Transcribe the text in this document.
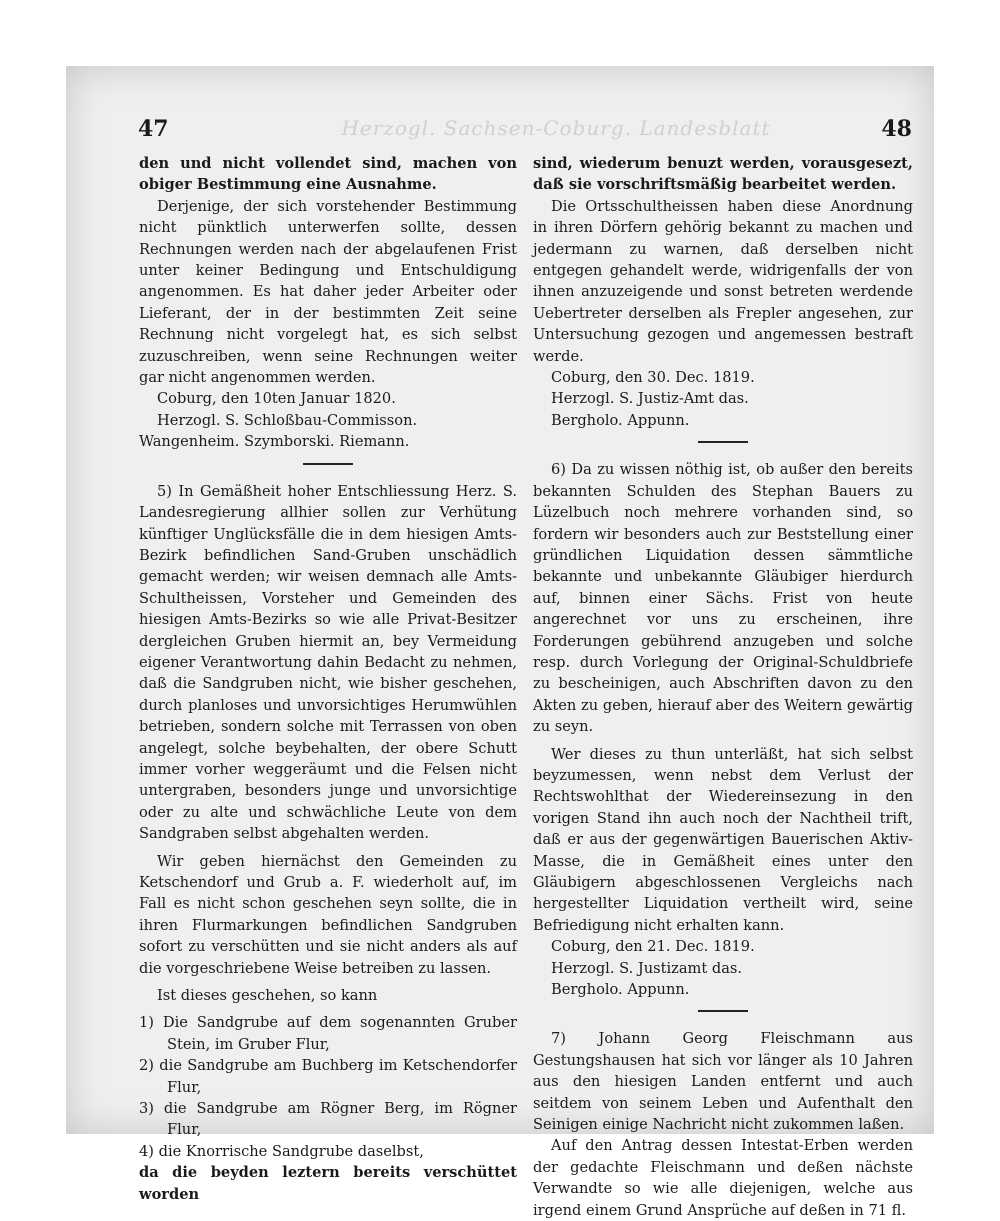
47	Herzogl. Sachsen-Coburg. Landesblatt	48

den und nicht vollendet sind, machen von obiger Bestimmung eine Ausnahme.

Derjenige, der sich vorstehender Bestimmung nicht pünktlich unterwerfen sollte, dessen Rechnungen werden nach der abgelaufenen Frist unter keiner Bedingung und Entschuldigung angenommen. Es hat daher jeder Arbeiter oder Lieferant, der in der bestimmten Zeit seine Rechnung nicht vorgelegt hat, es sich selbst zuzuschreiben, wenn seine Rechnungen weiter gar nicht angenommen werden.

Coburg, den 10ten Januar 1820.

Herzogl. S. Schloßbau-Commisson.

Wangenheim. Szymborski. Riemann.

5) In Gemäßheit hoher Entschliessung Herz. S. Landesregierung allhier sollen zur Verhütung künftiger Unglücksfälle die in dem hiesigen Amts-Bezirk befindlichen Sand-Gruben unschädlich gemacht werden; wir weisen demnach alle Amts-Schultheissen, Vorsteher und Gemeinden des hiesigen Amts-Bezirks so wie alle Privat-Besitzer dergleichen Gruben hiermit an, bey Vermeidung eigener Verantwortung dahin Bedacht zu nehmen, daß die Sandgruben nicht, wie bisher geschehen, durch planloses und unvorsichtiges Herumwühlen betrieben, sondern solche mit Terrassen von oben angelegt, solche beybehalten, der obere Schutt immer vorher weggeräumt und die Felsen nicht untergraben, besonders junge und unvorsichtige oder zu alte und schwächliche Leute von dem Sandgraben selbst abgehalten werden.

Wir geben hiernächst den Gemeinden zu Ketschendorf und Grub a. F. wiederholt auf, im Fall es nicht schon geschehen seyn sollte, die in ihren Flurmarkungen befindlichen Sandgruben sofort zu verschütten und sie nicht anders als auf die vorgeschriebene Weise betreiben zu lassen.

Ist dieses geschehen, so kann

1) Die Sandgrube auf dem sogenannten Gruber Stein, im Gruber Flur,

2) die Sandgrube am Buchberg im Ketschendorfer Flur,

3) die Sandgrube am Rögner Berg, im Rögner Flur,

4) die Knorrische Sandgrube daselbst,

da die beyden leztern bereits verschüttet worden

sind, wiederum benuzt werden, vorausgesezt, daß sie vorschriftsmäßig bearbeitet werden.

Die Ortsschultheissen haben diese Anordnung in ihren Dörfern gehörig bekannt zu machen und jedermann zu warnen, daß derselben nicht entgegen gehandelt werde, widrigenfalls der von ihnen anzuzeigende und sonst betreten werdende Uebertreter derselben als Frepler angesehen, zur Untersuchung gezogen und angemessen bestraft werde.

Coburg, den 30. Dec. 1819.

Herzogl. S. Justiz-Amt das.

Bergholo. Appunn.

6) Da zu wissen nöthig ist, ob außer den bereits bekannten Schulden des Stephan Bauers zu Lüzelbuch noch mehrere vorhanden sind, so fordern wir besonders auch zur Beststellung einer gründlichen Liquidation dessen sämmtliche bekannte und unbekannte Gläubiger hierdurch auf, binnen einer Sächs. Frist von heute angerechnet vor uns zu erscheinen, ihre Forderungen gebührend anzugeben und solche resp. durch Vorlegung der Original-Schuldbriefe zu bescheinigen, auch Abschriften davon zu den Akten zu geben, hierauf aber des Weitern gewärtig zu seyn.

Wer dieses zu thun unterläßt, hat sich selbst beyzumessen, wenn nebst dem Verlust der Rechtswohlthat der Wiedereinsezung in den vorigen Stand ihn auch noch der Nachtheil trift, daß er aus der gegenwärtigen Bauerischen Aktiv-Masse, die in Gemäßheit eines unter den Gläubigern abgeschlossenen Vergleichs nach hergestellter Liquidation vertheilt wird, seine Befriedigung nicht erhalten kann.

Coburg, den 21. Dec. 1819.

Herzogl. S. Justizamt das.

Bergholo. Appunn.

7) Johann Georg Fleischmann aus Gestungshausen hat sich vor länger als 10 Jahren aus den hiesigen Landen entfernt und auch seitdem von seinem Leben und Aufenthalt den Seinigen einige Nachricht nicht zukommen laßen.

Auf den Antrag dessen Intestat-Erben werden der gedachte Fleischmann und deßen nächste Verwandte so wie alle diejenigen, welche aus irgend einem Grund Ansprüche auf deßen in 71 fl.
